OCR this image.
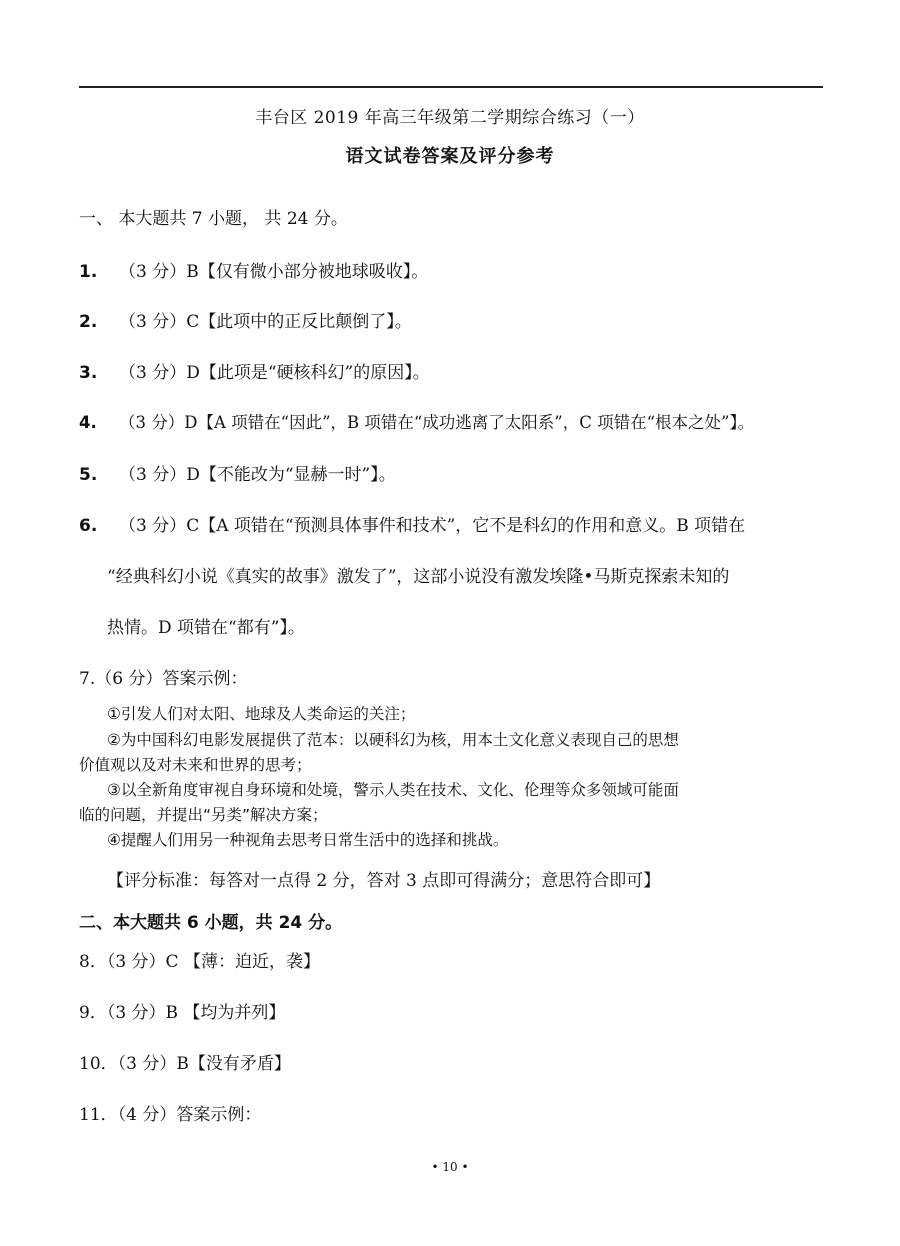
丰台区 2019 年高三年级第二学期综合练习（一）
语文试卷答案及评分参考
一、 本大题共 7 小题， 共 24 分。
1. （3 分）B【仅有微小部分被地球吸收】。
2. （3 分）C【此项中的正反比颠倒了】。
3. （3 分）D【此项是“硬核科幻”的原因】。
4. （3 分）D【A 项错在“因此”，B 项错在“成功逃离了太阳系”，C 项错在“根本之处”】。
5. （3 分）D【不能改为“显赫一时”】。
6. （3 分）C【A 项错在“预测具体事件和技术”，它不是科幻的作用和意义。B 项错在
“经典科幻小说《真实的故事》激发了”，这部小说没有激发埃隆•马斯克探索未知的
热情。D 项错在“都有”】。
7.（6 分）答案示例：
①引发人们对太阳、地球及人类命运的关注；
②为中国科幻电影发展提供了范本：以硬科幻为核，用本土文化意义表现自己的思想
价值观以及对未来和世界的思考；
③以全新角度审视自身环境和处境，警示人类在技术、文化、伦理等众多领域可能面
临的问题，并提出“另类”解决方案；
④提醒人们用另一种视角去思考日常生活中的选择和挑战。
【评分标准：每答对一点得 2 分，答对 3 点即可得满分；意思符合即可】
二、本大题共 6 小题，共 24 分。
8．（3 分）C 【薄：迫近，袭】
9．（3 分）B 【均为并列】
10．（3 分）B【没有矛盾】
11．（4 分）答案示例：
• 10 •
